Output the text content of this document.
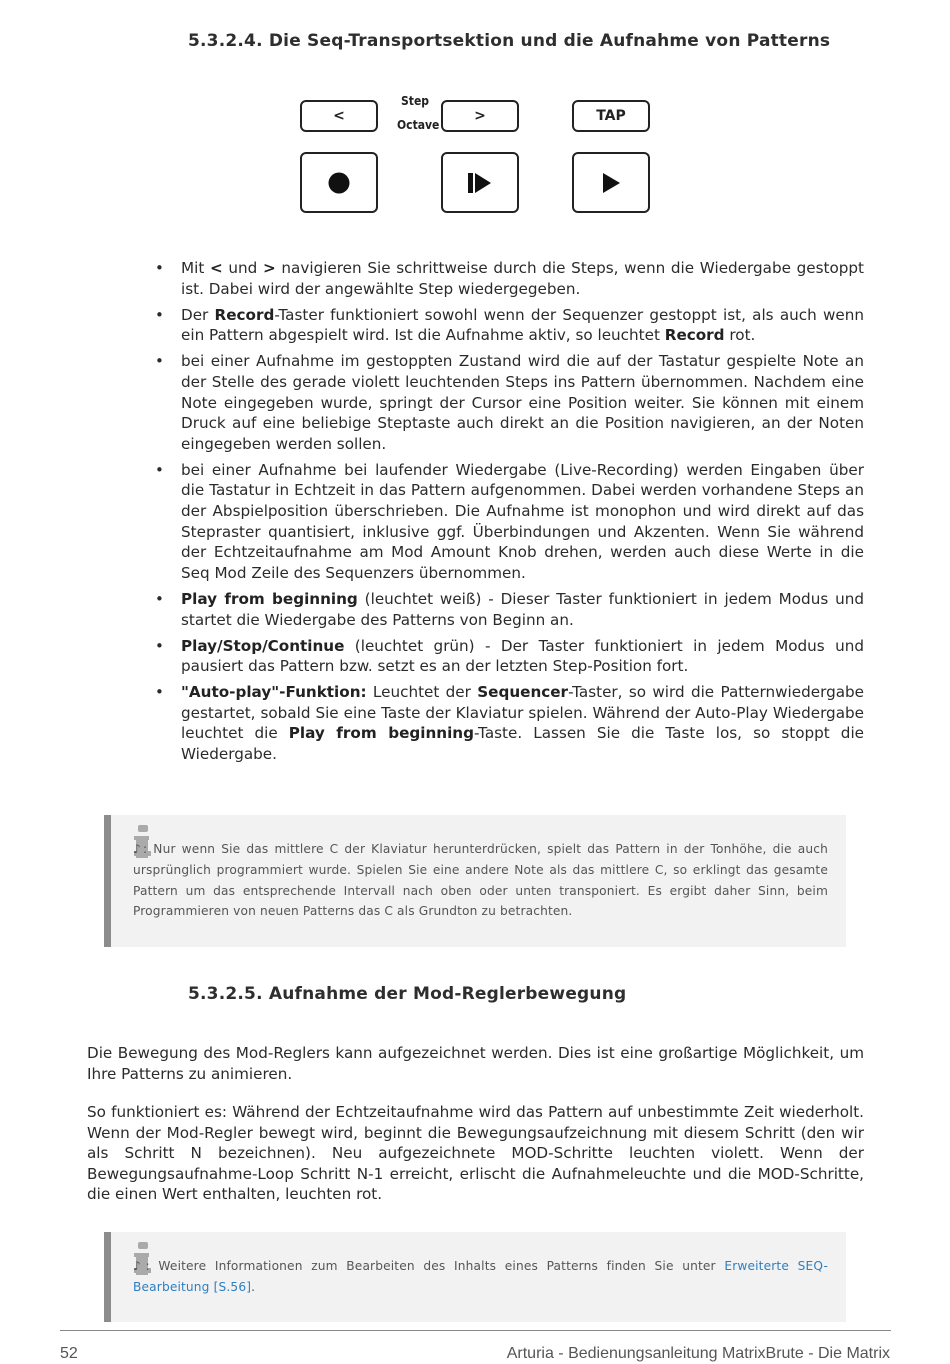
5.3.2.4. Die Seq-Transportsektion und die Aufnahme von Patterns
<
Step
Octave
>	TAP
• Mit < und > navigieren Sie schrittweise durch die Steps, wenn die Wiedergabe gestoppt ist. Dabei wird der angewählte Step wiedergegeben.
• Der Record-Taster funktioniert sowohl wenn der Sequenzer gestoppt ist, als auch wenn ein Pattern abgespielt wird. Ist die Aufnahme aktiv, so leuchtet Record rot.
• bei einer Aufnahme im gestoppten Zustand wird die auf der Tastatur gespielte Note an der Stelle des gerade violett leuchtenden Steps ins Pattern übernommen. Nachdem eine Note eingegeben wurde, springt der Cursor eine Position weiter. Sie können mit einem Druck auf eine beliebige Steptaste auch direkt an die Position navigieren, an der Noten eingegeben werden sollen.
• bei einer Aufnahme bei laufender Wiedergabe (Live-Recording) werden Eingaben über die Tastatur in Echtzeit in das Pattern aufgenommen. Dabei werden vorhandene Steps an der Abspielposition überschrieben. Die Aufnahme ist monophon und wird direkt auf das Stepraster quantisiert, inklusive ggf. Überbindungen und Akzenten. Wenn Sie während der Echtzeitaufnahme am Mod Amount Knob drehen, werden auch diese Werte in die Seq Mod Zeile des Sequenzers übernommen.
• Play from beginning (leuchtet weiß) - Dieser Taster funktioniert in jedem Modus und startet die Wiedergabe des Patterns von Beginn an.
• Play/Stop/Continue (leuchtet grün) - Der Taster funktioniert in jedem Modus und pausiert das Pattern bzw. setzt es an der letzten Step-Position fort.
• "Auto-play"-Funktion: Leuchtet der Sequencer-Taster, so wird die Patternwiedergabe gestartet, sobald Sie eine Taste der Klaviatur spielen. Während der Auto-Play Wiedergabe leuchtet die Play from beginning-Taste. Lassen Sie die Taste los, so stoppt die Wiedergabe.
♪: Nur wenn Sie das mittlere C der Klaviatur herunterdrücken, spielt das Pattern in der Tonhöhe, die auch ursprünglich programmiert wurde. Spielen Sie eine andere Note als das mittlere C, so erklingt das gesamte Pattern um das entsprechende Intervall nach oben oder unten transponiert. Es ergibt daher Sinn, beim Programmieren von neuen Patterns das C als Grundton zu betrachten.
5.3.2.5. Aufnahme der Mod-Reglerbewegung

Die Bewegung des Mod-Reglers kann aufgezeichnet werden. Dies ist eine großartige Möglichkeit, um Ihre Patterns zu animieren.

So funktioniert es: Während der Echtzeitaufnahme wird das Pattern auf unbestimmte Zeit wiederholt. Wenn der Mod-Regler bewegt wird, beginnt die Bewegungsaufzeichnung mit diesem Schritt (den wir als Schritt N bezeichnen). Neu aufgezeichnete MOD-Schritte leuchten violett. Wenn der Bewegungsaufnahme-Loop Schritt N-1 erreicht, erlischt die Aufnahmeleuchte und die MOD-Schritte, die einen Wert enthalten, leuchten rot.

♪: Weitere Informationen zum Bearbeiten des Inhalts eines Patterns finden Sie unter Erweiterte SEQ-Bearbeitung [S.56].
52	Arturia - Bedienungsanleitung MatrixBrute - Die Matrix
